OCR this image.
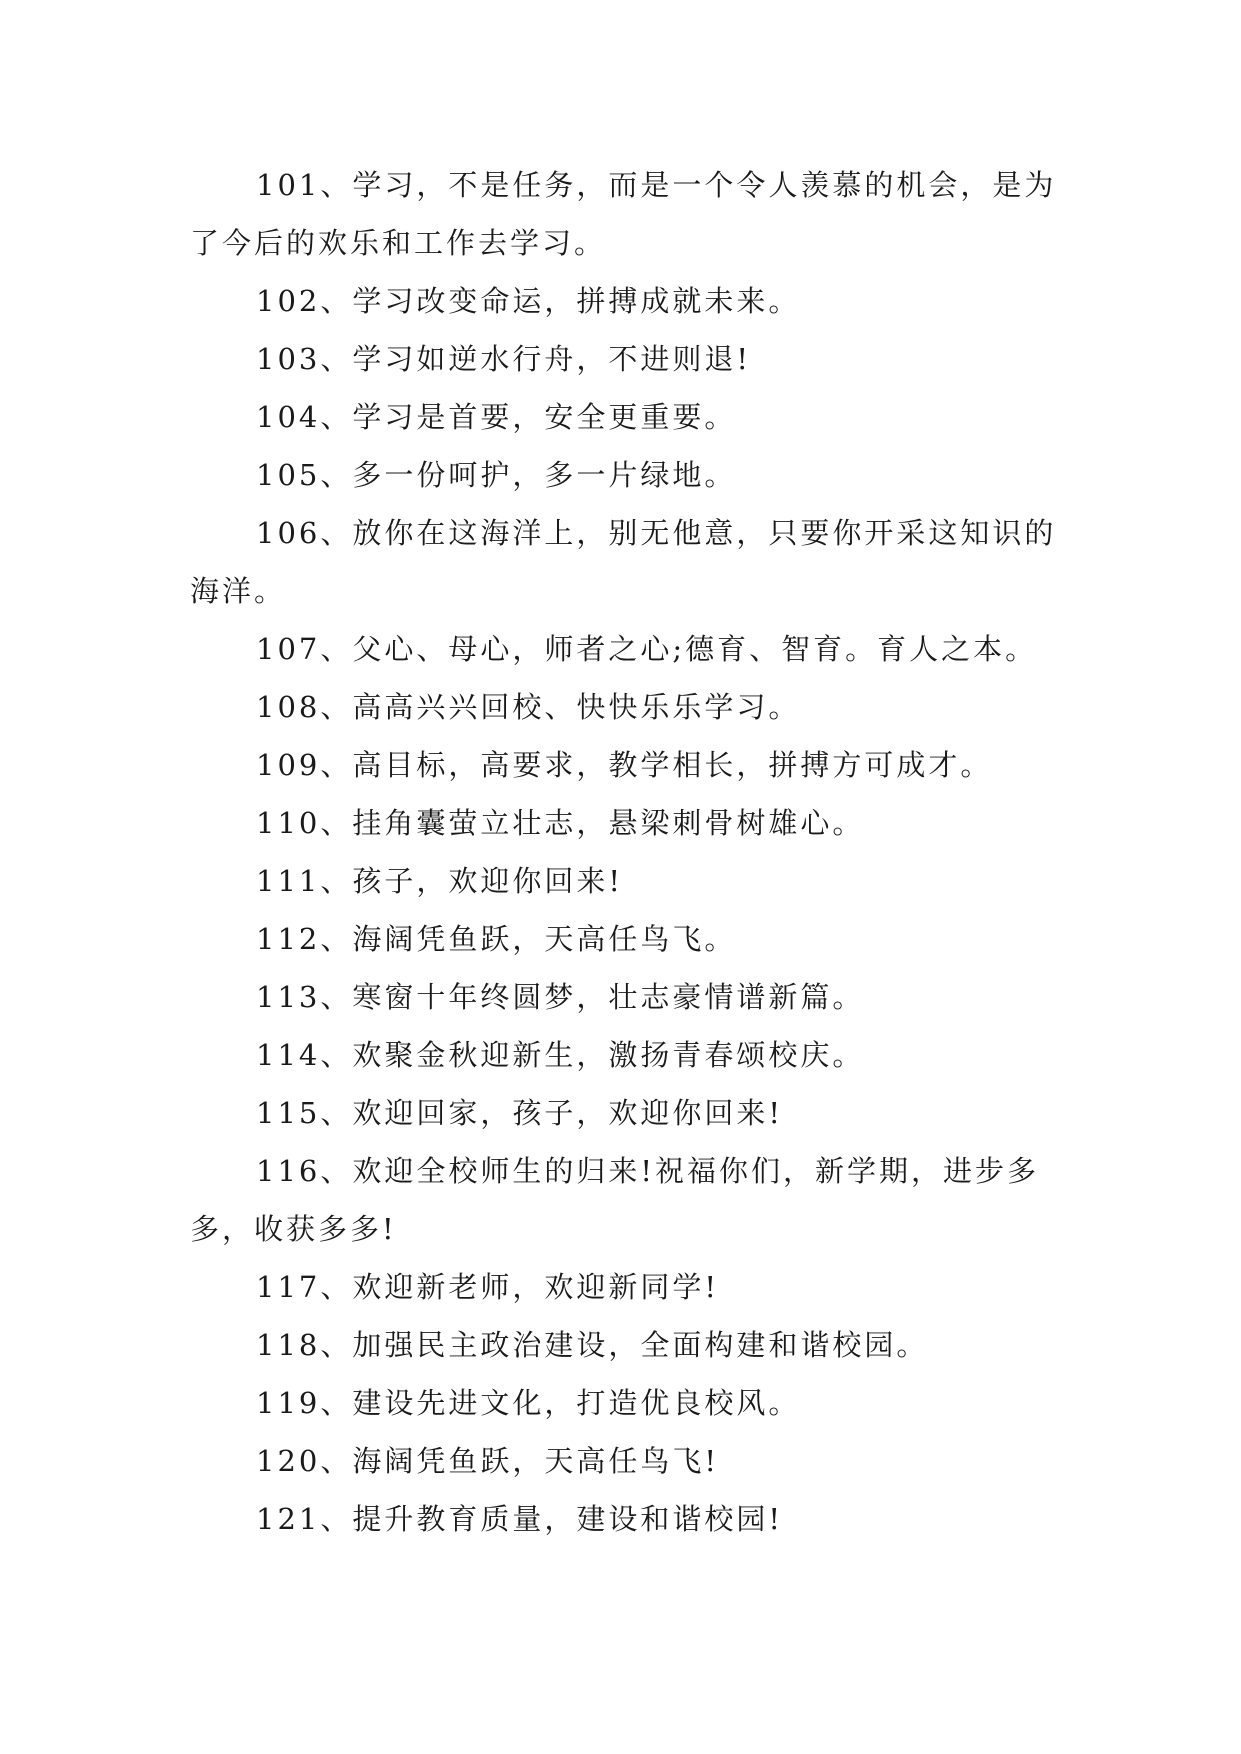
101、学习，不是任务，而是一个令人羡慕的机会，是为了今后的欢乐和工作去学习。

102、学习改变命运，拼搏成就未来。

103、学习如逆水行舟，不进则退!

104、学习是首要，安全更重要。

105、多一份呵护，多一片绿地。

106、放你在这海洋上，别无他意，只要你开采这知识的海洋。

107、父心、母心，师者之心;德育、智育。育人之本。

108、高高兴兴回校、快快乐乐学习。

109、高目标，高要求，教学相长，拼搏方可成才。

110、挂角囊萤立壮志，悬梁刺骨树雄心。

111、孩子，欢迎你回来!

112、海阔凭鱼跃，天高任鸟飞。

113、寒窗十年终圆梦，壮志豪情谱新篇。

114、欢聚金秋迎新生，激扬青春颂校庆。

115、欢迎回家，孩子，欢迎你回来!

116、欢迎全校师生的归来!祝福你们，新学期，进步多多，收获多多!

117、欢迎新老师，欢迎新同学!

118、加强民主政治建设，全面构建和谐校园。

119、建设先进文化，打造优良校风。

120、海阔凭鱼跃，天高任鸟飞!

121、提升教育质量，建设和谐校园!
